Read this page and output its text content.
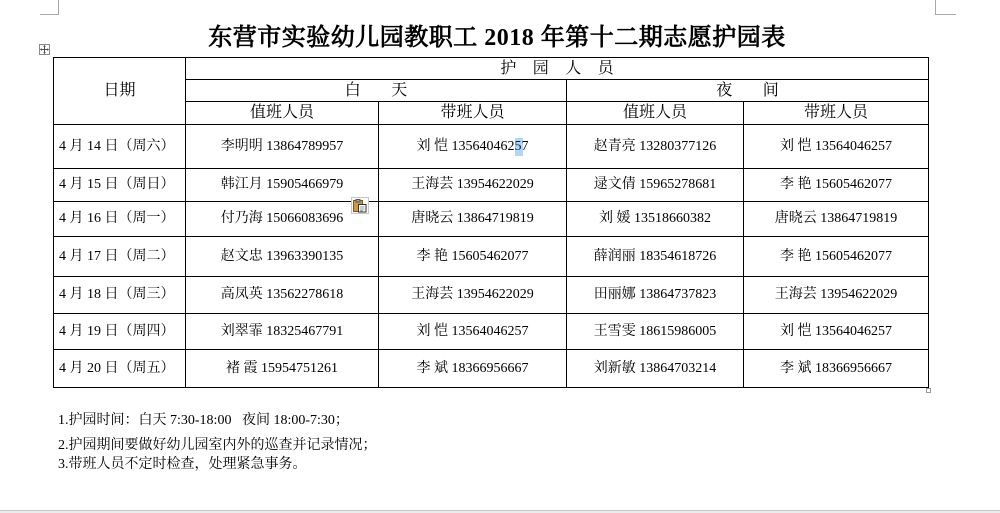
东营市实验幼儿园教职工 2018 年第十二期志愿护园表
日期	护 园 人 员			
	白 天		夜 间	
	值班人员	带班人员	值班人员	带班人员
4 月 14 日（周六）	李明明 13864789957	刘 恺 13564046257	赵青亮 13280377126	刘 恺 13564046257
4 月 15 日（周日）	韩江月 15905466979	王海芸 13954622029	逯文倩 15965278681	李 艳 15605462077
4 月 16 日（周一）	付乃海 15066083696	唐晓云 13864719819	刘 媛 13518660382	唐晓云 13864719819
4 月 17 日（周二）	赵文忠 13963390135	李 艳 15605462077	薛润丽 18354618726	李 艳 15605462077
4 月 18 日（周三）	高凤英 13562278618	王海芸 13954622029	田丽娜 13864737823	王海芸 13954622029
4 月 19 日（周四）	刘翠霏 18325467791	刘 恺 13564046257	王雪雯 18615986005	刘 恺 13564046257
4 月 20 日（周五）	褚 霞 15954751261	李 斌 18366956667	刘新敏 13864703214	李 斌 18366956667
1.护园时间：白天 7:30-18:00   夜间 18:00-7:30；
2.护园期间要做好幼儿园室内外的巡查并记录情况；
3.带班人员不定时检查，处理紧急事务。
